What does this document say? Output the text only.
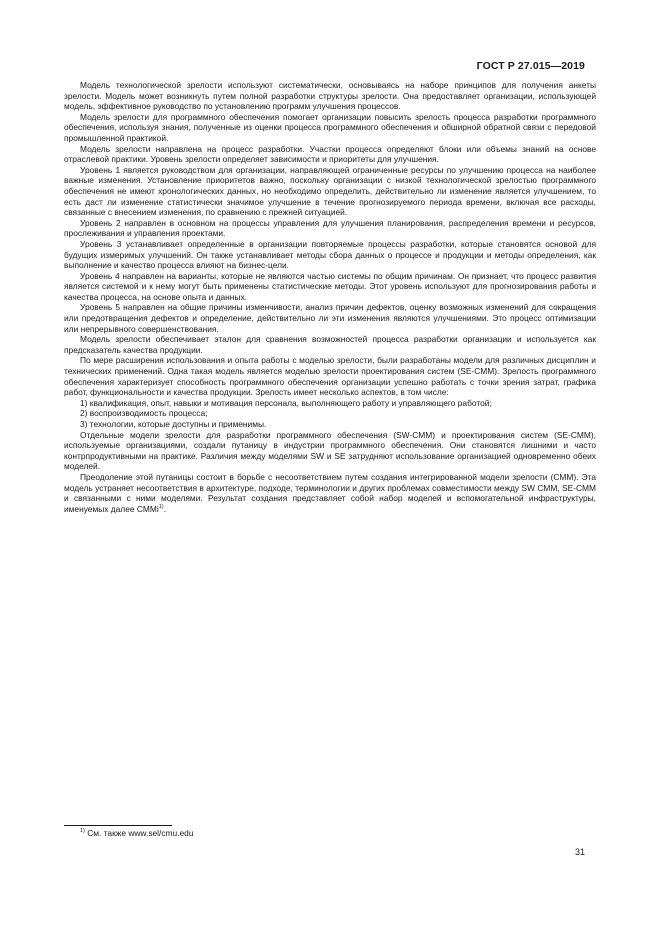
ГОСТ Р 27.015—2019

Модель технологической зрелости используют систематически, основываясь на наборе принципов для получения анкеты зрелости. Модель может возникнуть путем полной разработки структуры зрелости. Она предоставляет организации, использующей модель, эффективное руководство по установлению программ улучшения процессов.

Модель зрелости для программного обеспечения помогает организации повысить зрелость процесса разработки программного обеспечения, используя знания, полученные из оценки процесса программного обеспечения и обширной обратной связи с передовой промышленной практикой.

Модель зрелости направлена на процесс разработки. Участки процесса определяют блоки или объемы знаний на основе отраслевой практики. Уровень зрелости определяет зависимости и приоритеты для улучшения.

Уровень 1 является руководством для организации, направляющей ограниченные ресурсы по улучшению процесса на наиболее важные изменения. Установление приоритетов важно, поскольку организации с низкой технологической зрелостью программного обеспечения не имеют хронологических данных, но необходимо определить, действительно ли изменение является улучшением, то есть даст ли изменение статистически значимое улучшение в течение прогнозируемого периода времени, включая все расходы, связанные с внесением изменения, по сравнению с прежней ситуацией.

Уровень 2 направлен в основном на процессы управления для улучшения планирования, распределения времени и ресурсов, прослеживания и управления проектами.

Уровень 3 устанавливает определенные в организации повторяемые процессы разработки, которые становятся основой для будущих измеримых улучшений. Он также устанавливает методы сбора данных о процессе и продукции и методы определения, как выполнение и качество процесса влияют на бизнес-цели.

Уровень 4 направлен на варианты, которые не являются частью системы по общим причинам. Он признает, что процесс развития является системой и к нему могут быть применены статистические методы. Этот уровень используют для прогнозирования работы и качества процесса, на основе опыта и данных.

Уровень 5 направлен на общие причины изменчивости, анализ причин дефектов, оценку возможных изменений для сокращения или предотвращения дефектов и определение, действительно ли эти изменения являются улучшениями. Это процесс оптимизации или непрерывного совершенствования.

Модель зрелости обеспечивает эталон для сравнения возможностей процесса разработки организации и используется как предсказатель качества продукции.

По мере расширения использования и опыта работы с моделью зрелости, были разработаны модели для различных дисциплин и технических применений. Одна такая модель является моделью зрелости проектирования систем (SE-CMM). Зрелость программного обеспечения характеризует способность программного обеспечения организации успешно работать с точки зрения затрат, графика работ, функциональности и качества продукции. Зрелость имеет несколько аспектов, в том числе:

1) квалификация, опыт, навыки и мотивация персонала, выполняющего работу и управляющего работой;

2) воспроизводимость процесса;

3) технологии, которые доступны и применимы.

Отдельные модели зрелости для разработки программного обеспечения (SW-CMM) и проектирования систем (SE-CMM), используемые организациями, создали путаницу в индустрии программного обеспечения. Они становятся лишними и часто контрпродуктивными на практике. Различия между моделями SW и SE затрудняют использование организацией одновременно обеих моделей.

Преодоление этой путаницы состоит в борьбе с несоответствием путем создания интегрированной модели зрелости (CMM). Эта модель устраняет несоответствия в архитектуре, подходе, терминологии и других проблемах совместимости между SW CMM, SE-CMM и связанными с ними моделями. Результат создания представляет собой набор моделей и вспомогательной инфраструктуры, именуемых далее CMMi$^{1)}$.

$^{1)}$ См. также www.sel/cmu.edu
31
